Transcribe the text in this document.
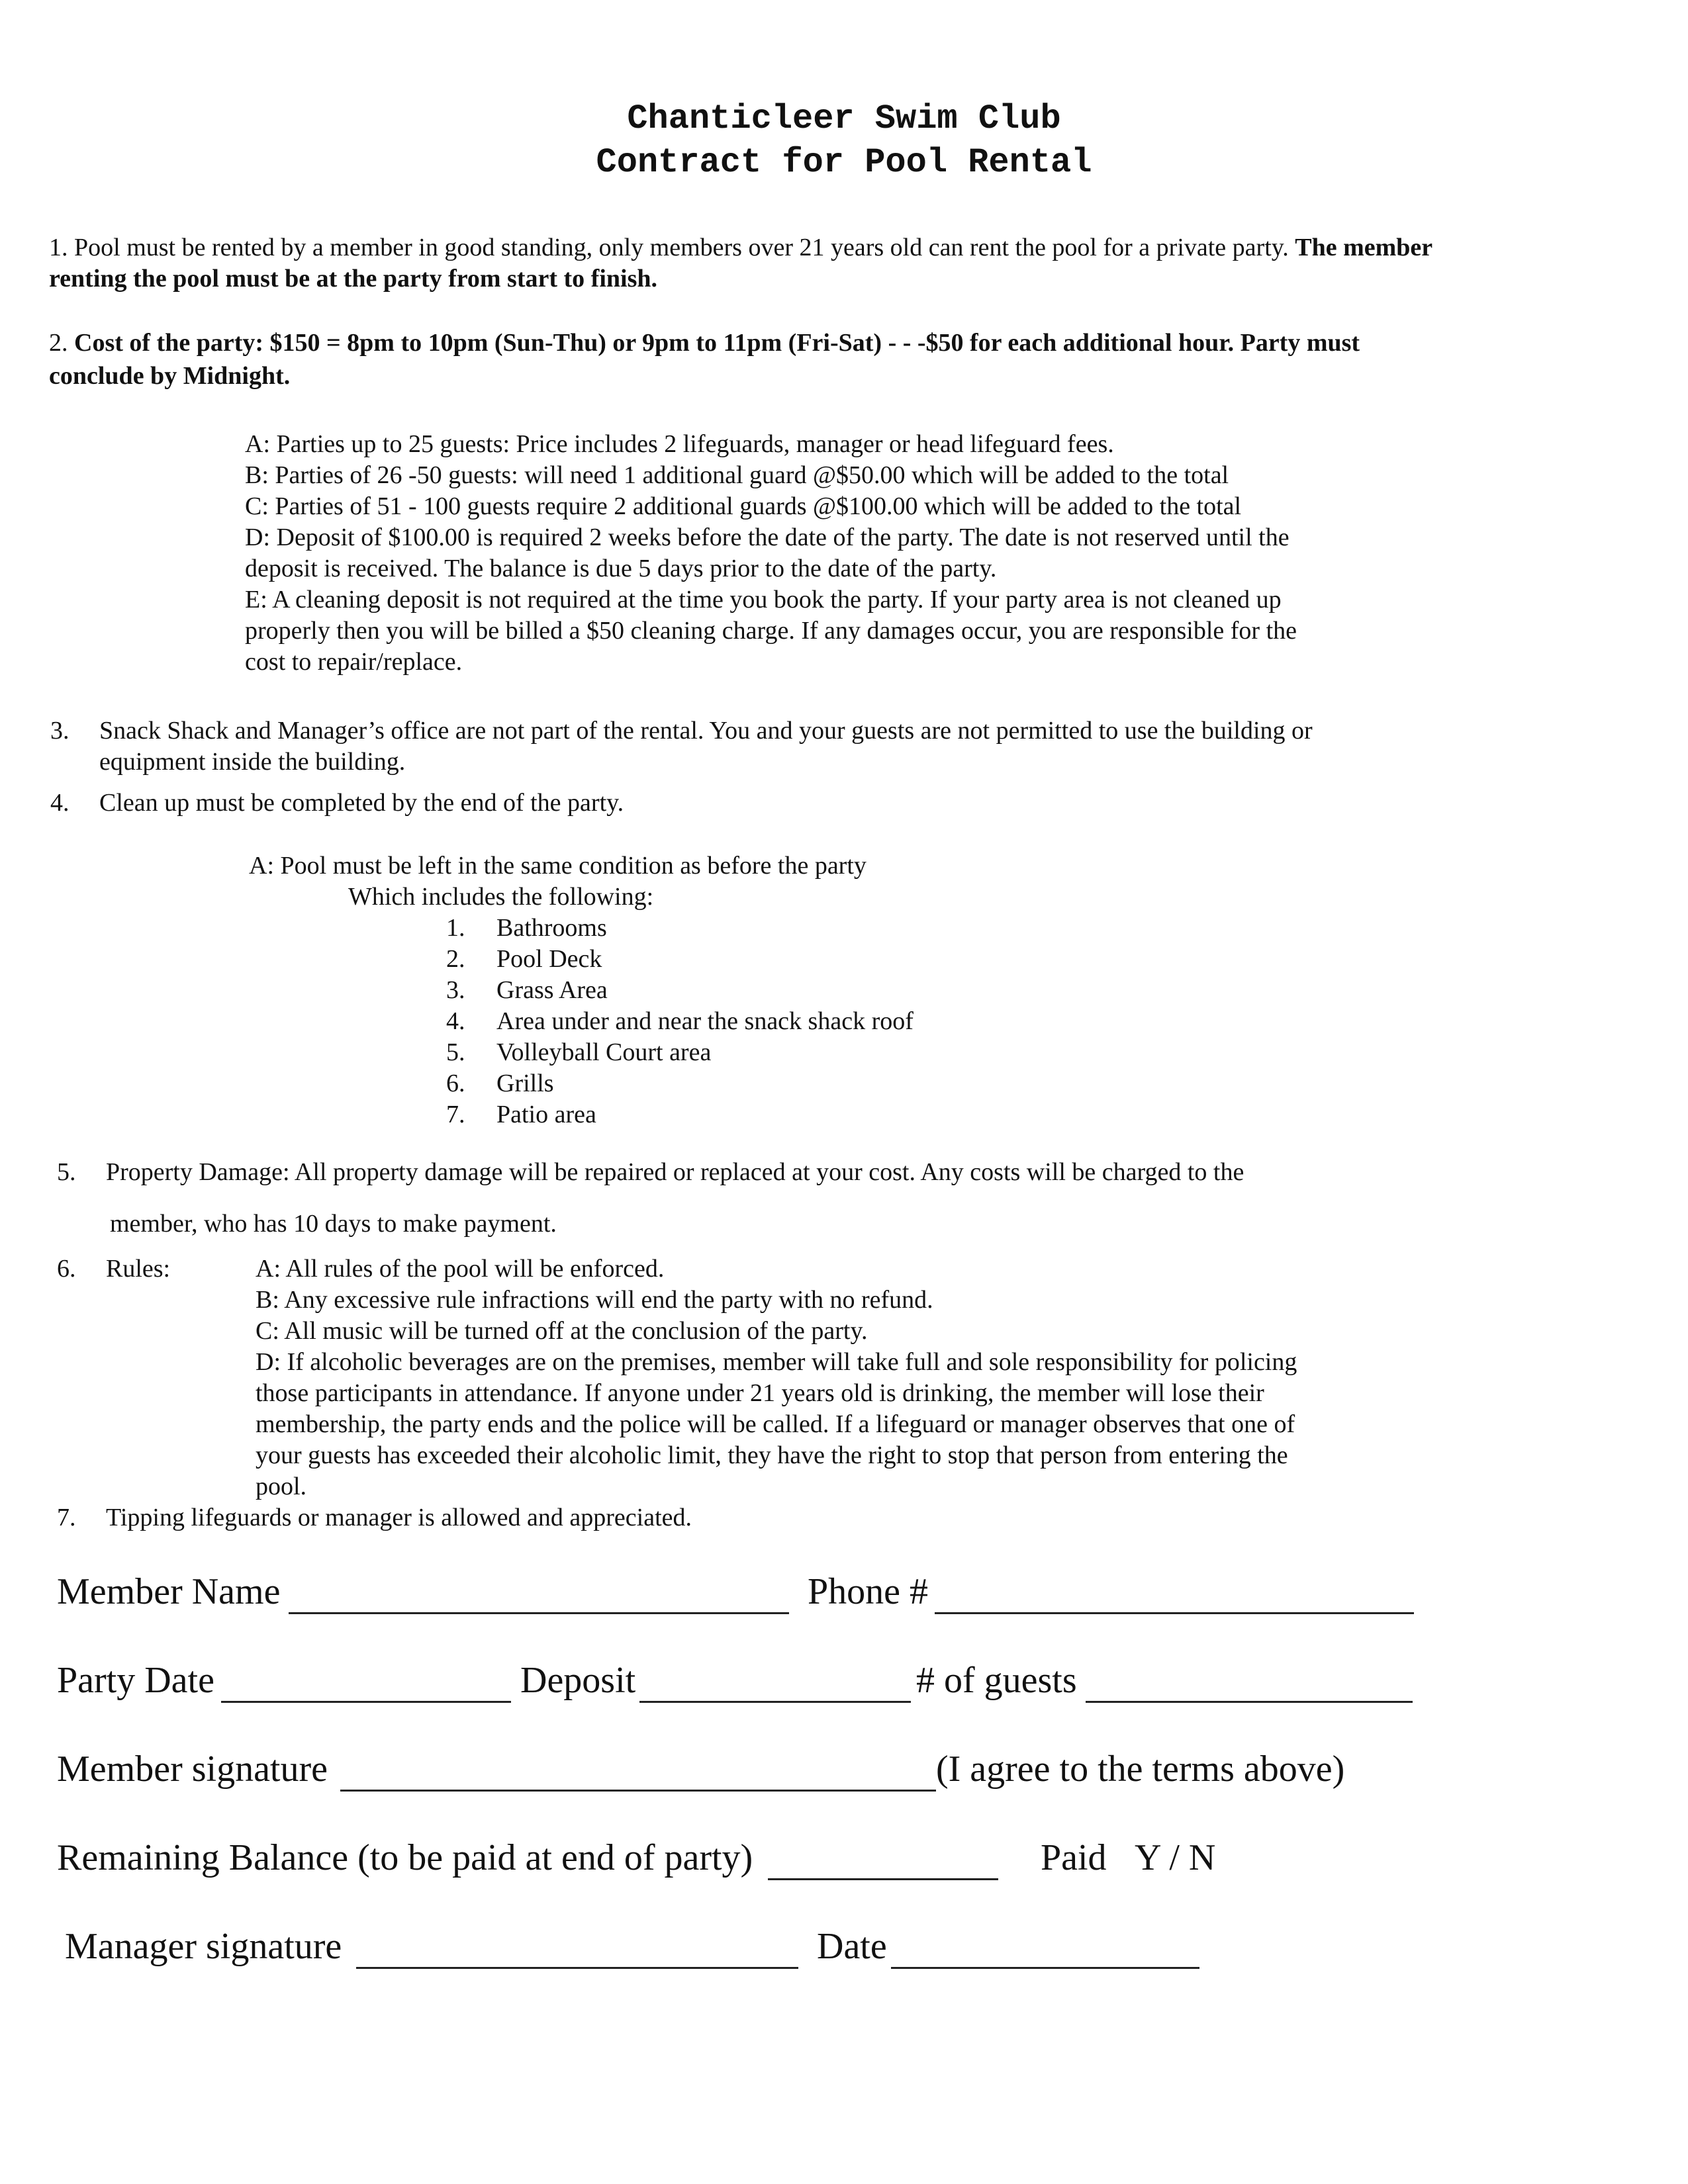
Chanticleer Swim Club
Contract for Pool Rental
1. Pool must be rented by a member in good standing, only members over 21 years old can rent the pool for a private party. The member
renting the pool must be at the party from start to finish.
2. Cost of the party: $150 = 8pm to 10pm (Sun-Thu) or 9pm to 11pm (Fri-Sat) - - -$50 for each additional hour. Party must
conclude by Midnight.
A: Parties up to 25 guests: Price includes 2 lifeguards, manager or head lifeguard fees.
B: Parties of 26 -50 guests: will need 1 additional guard @$50.00 which will be added to the total
C: Parties of 51 - 100 guests require 2 additional guards @$100.00 which will be added to the total
D: Deposit of $100.00 is required 2 weeks before the date of the party. The date is not reserved until the
deposit is received. The balance is due 5 days prior to the date of the party.
E: A cleaning deposit is not required at the time you book the party. If your party area is not cleaned up
properly then you will be billed a $50 cleaning charge. If any damages occur, you are responsible for the
cost to repair/replace.
3. Snack Shack and Manager’s office are not part of the rental. You and your guests are not permitted to use the building or
equipment inside the building.
4. Clean up must be completed by the end of the party.
A: Pool must be left in the same condition as before the party
Which includes the following:
1. Bathrooms
2. Pool Deck
3. Grass Area
4. Area under and near the snack shack roof
5. Volleyball Court area
6. Grills
7. Patio area
5. Property Damage: All property damage will be repaired or replaced at your cost. Any costs will be charged to the
member, who has 10 days to make payment.
6. Rules:	A: All rules of the pool will be enforced.
B: Any excessive rule infractions will end the party with no refund.
C: All music will be turned off at the conclusion of the party.
D: If alcoholic beverages are on the premises, member will take full and sole responsibility for policing
those participants in attendance. If anyone under 21 years old is drinking, the member will lose their
membership, the party ends and the police will be called. If a lifeguard or manager observes that one of
your guests has exceeded their alcoholic limit, they have the right to stop that person from entering the
pool.
7. Tipping lifeguards or manager is allowed and appreciated.
Member Name	Phone #
Party Date	Deposit	# of guests
Member signature	(I agree to the terms above)
Remaining Balance (to be paid at end of party)	Paid Y / N
Manager signature	Date
